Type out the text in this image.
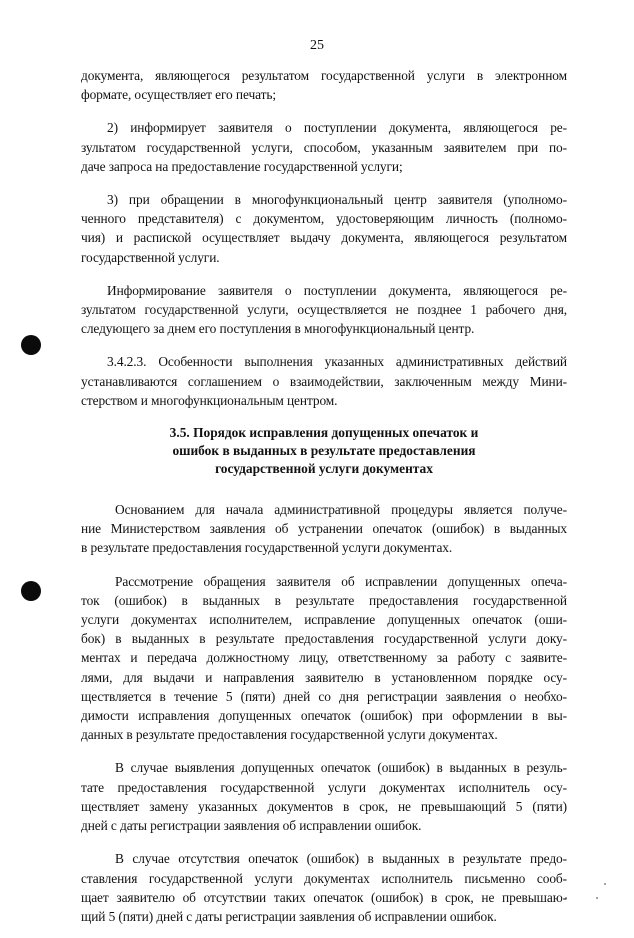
25

документа, являющегося результатом государственной услуги в электронном
формате, осуществляет его печать;

2) информирует заявителя о поступлении документа, являющегося ре-
зультатом государственной услуги, способом, указанным заявителем при по-
даче запроса на предоставление государственной услуги;

3) при обращении в многофункциональный центр заявителя (уполномо-
ченного представителя) с документом, удостоверяющим личность (полномо-
чия) и распиской осуществляет выдачу документа, являющегося результатом
государственной услуги.

Информирование заявителя о поступлении документа, являющегося ре-
зультатом государственной услуги, осуществляется не позднее 1 рабочего дня,
следующего за днем его поступления в многофункциональный центр.

3.4.2.3. Особенности выполнения указанных административных действий
устанавливаются соглашением о взаимодействии, заключенным между Мини-
стерством и многофункциональным центром.

3.5. Порядок исправления допущенных опечаток и
ошибок в выданных в результате предоставления
государственной услуги документах

Основанием для начала административной процедуры является получе-
ние Министерством заявления об устранении опечаток (ошибок) в выданных
в результате предоставления государственной услуги документах.

Рассмотрение обращения заявителя об исправлении допущенных опеча-
ток (ошибок) в выданных в результате предоставления государственной
услуги документах исполнителем, исправление допущенных опечаток (оши-
бок) в выданных в результате предоставления государственной услуги доку-
ментах и передача должностному лицу, ответственному за работу с заявите-
лями, для выдачи и направления заявителю в установленном порядке осу-
ществляется в течение 5 (пяти) дней со дня регистрации заявления о необхо-
димости исправления допущенных опечаток (ошибок) при оформлении в вы-
данных в результате предоставления государственной услуги документах.

В случае выявления допущенных опечаток (ошибок) в выданных в резуль-
тате предоставления государственной услуги документах исполнитель осу-
ществляет замену указанных документов в срок, не превышающий 5 (пяти)
дней с даты регистрации заявления об исправлении ошибок.

В случае отсутствия опечаток (ошибок) в выданных в результате предо-
ставления государственной услуги документах исполнитель письменно сооб-
щает заявителю об отсутствии таких опечаток (ошибок) в срок, не превышаю-
щий 5 (пяти) дней с даты регистрации заявления об исправлении ошибок.
